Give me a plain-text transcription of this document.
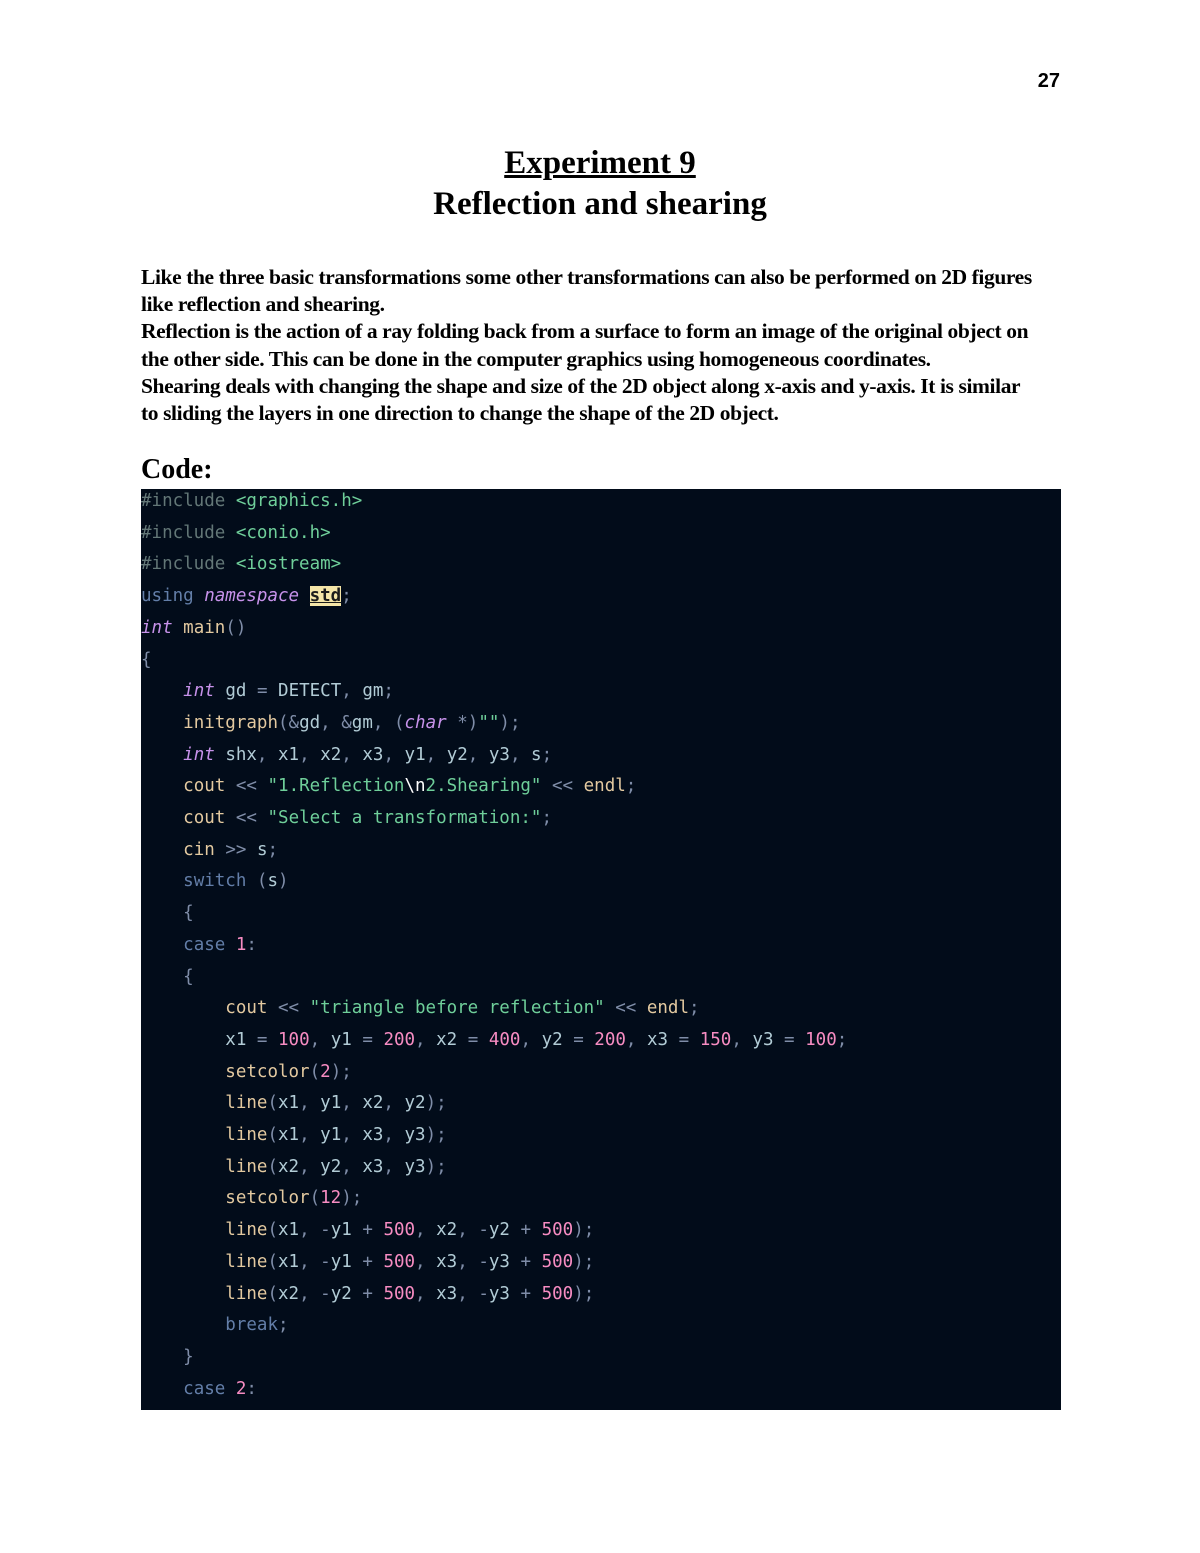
27
Experiment 9
Reflection and shearing

Like the three basic transformations some other transformations can also be performed on 2D figures like reflection and shearing.

Reflection is the action of a ray folding back from a surface to form an image of the original object on the other side. This can be done in the computer graphics using homogeneous coordinates.

Shearing deals with changing the shape and size of the 2D object along x-axis and y-axis. It is similar to sliding the layers in one direction to change the shape of the 2D object.

Code:
#include <graphics.h>
#include <conio.h>
#include <iostream>
using namespace std;
int main()
{
int gd = DETECT, gm;
initgraph(&gd, &gm, (char *)"");
int shx, x1, x2, x3, y1, y2, y3, s;
cout << "1.Reflection\n2.Shearing" << endl;
cout << "Select a transformation:";
cin >> s;
switch (s)
{
case 1:
{
cout << "triangle before reflection" << endl;
x1 = 100, y1 = 200, x2 = 400, y2 = 200, x3 = 150, y3 = 100;
setcolor(2);
line(x1, y1, x2, y2);
line(x1, y1, x3, y3);
line(x2, y2, x3, y3);
setcolor(12);
line(x1, -y1 + 500, x2, -y2 + 500);
line(x1, -y1 + 500, x3, -y3 + 500);
line(x2, -y2 + 500, x3, -y3 + 500);
break;
}
case 2:
